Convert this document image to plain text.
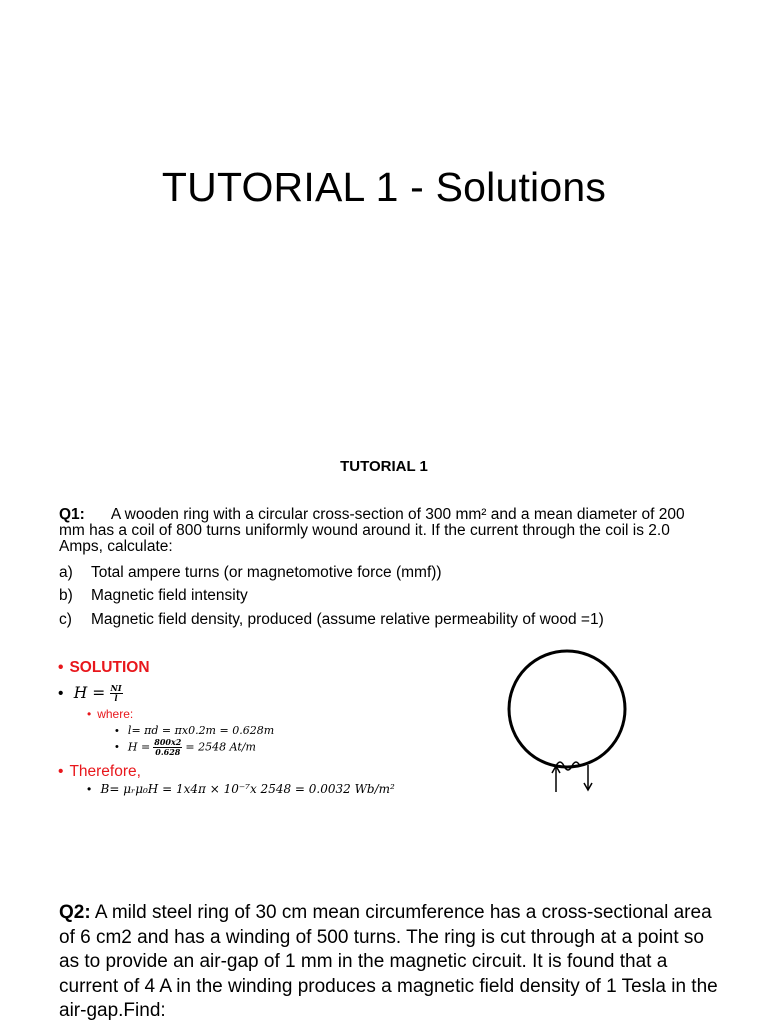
TUTORIAL 1 - Solutions
TUTORIAL 1
Q1: A wooden ring with a circular cross-section of 300 mm² and a mean diameter of 200 mm has a coil of 800 turns uniformly wound around it. If the current through the coil is 2.0 Amps, calculate:
a) Total ampere turns (or magnetomotive force (mmf))
b) Magnetic field intensity
c) Magnetic field density, produced (assume relative permeability of wood =1)
• SOLUTION
• $H = \frac{NI}{l}$
• where:
• l= πd = πx0.2m = 0.628m
• $H = \frac{800x2}{0.628} = 2548$ At/m
• Therefore,
• B= μᵣμ₀H = 1x4π × 10⁻⁷x 2548 = 0.0032 Wb/m²
Q2: A mild steel ring of 30 cm mean circumference has a cross-sectional area of 6 cm2 and has a winding of 500 turns. The ring is cut through at a point so as to provide an air-gap of 1 mm in the magnetic circuit. It is found that a current of 4 A in the winding produces a magnetic field density of 1 Tesla in the air-gap.Find:
